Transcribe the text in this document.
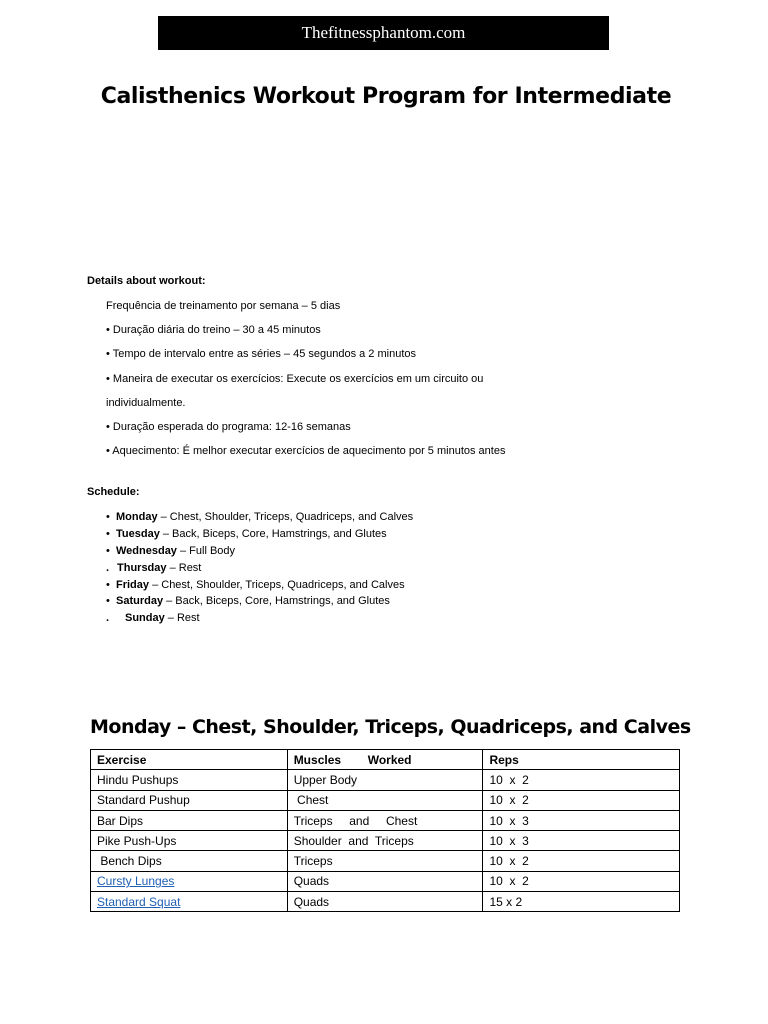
Thefitnessphantom.com
Calisthenics Workout Program for Intermediate
Details about workout:
Frequência de treinamento por semana – 5 dias
• Duração diária do treino – 30 a 45 minutos
• Tempo de intervalo entre as séries – 45 segundos a 2 minutos
• Maneira de executar os exercícios: Execute os exercícios em um circuito ou
individualmente.
• Duração esperada do programa: 12-16 semanas
• Aquecimento: É melhor executar exercícios de aquecimento por 5 minutos antes
Schedule:
• Monday – Chest, Shoulder, Triceps, Quadriceps, and Calves
• Tuesday – Back, Biceps, Core, Hamstrings, and Glutes
• Wednesday – Full Body
. Thursday – Rest
• Friday – Chest, Shoulder, Triceps, Quadriceps, and Calves
• Saturday – Back, Biceps, Core, Hamstrings, and Glutes
. Sunday – Rest
Monday – Chest, Shoulder, Triceps, Quadriceps, and Calves
Exercise	Muscles        Worked	Reps
Hindu Pushups	Upper Body	10  x  2
Standard Pushup	Chest	10  x  2
Bar Dips	Triceps     and     Chest	10  x  3
Pike Push-Ups	Shoulder  and  Triceps	10  x  3
Bench Dips	Triceps	10  x  2
Cursty Lunges	Quads	10  x  2
Standard Squat	Quads	15 x 2
